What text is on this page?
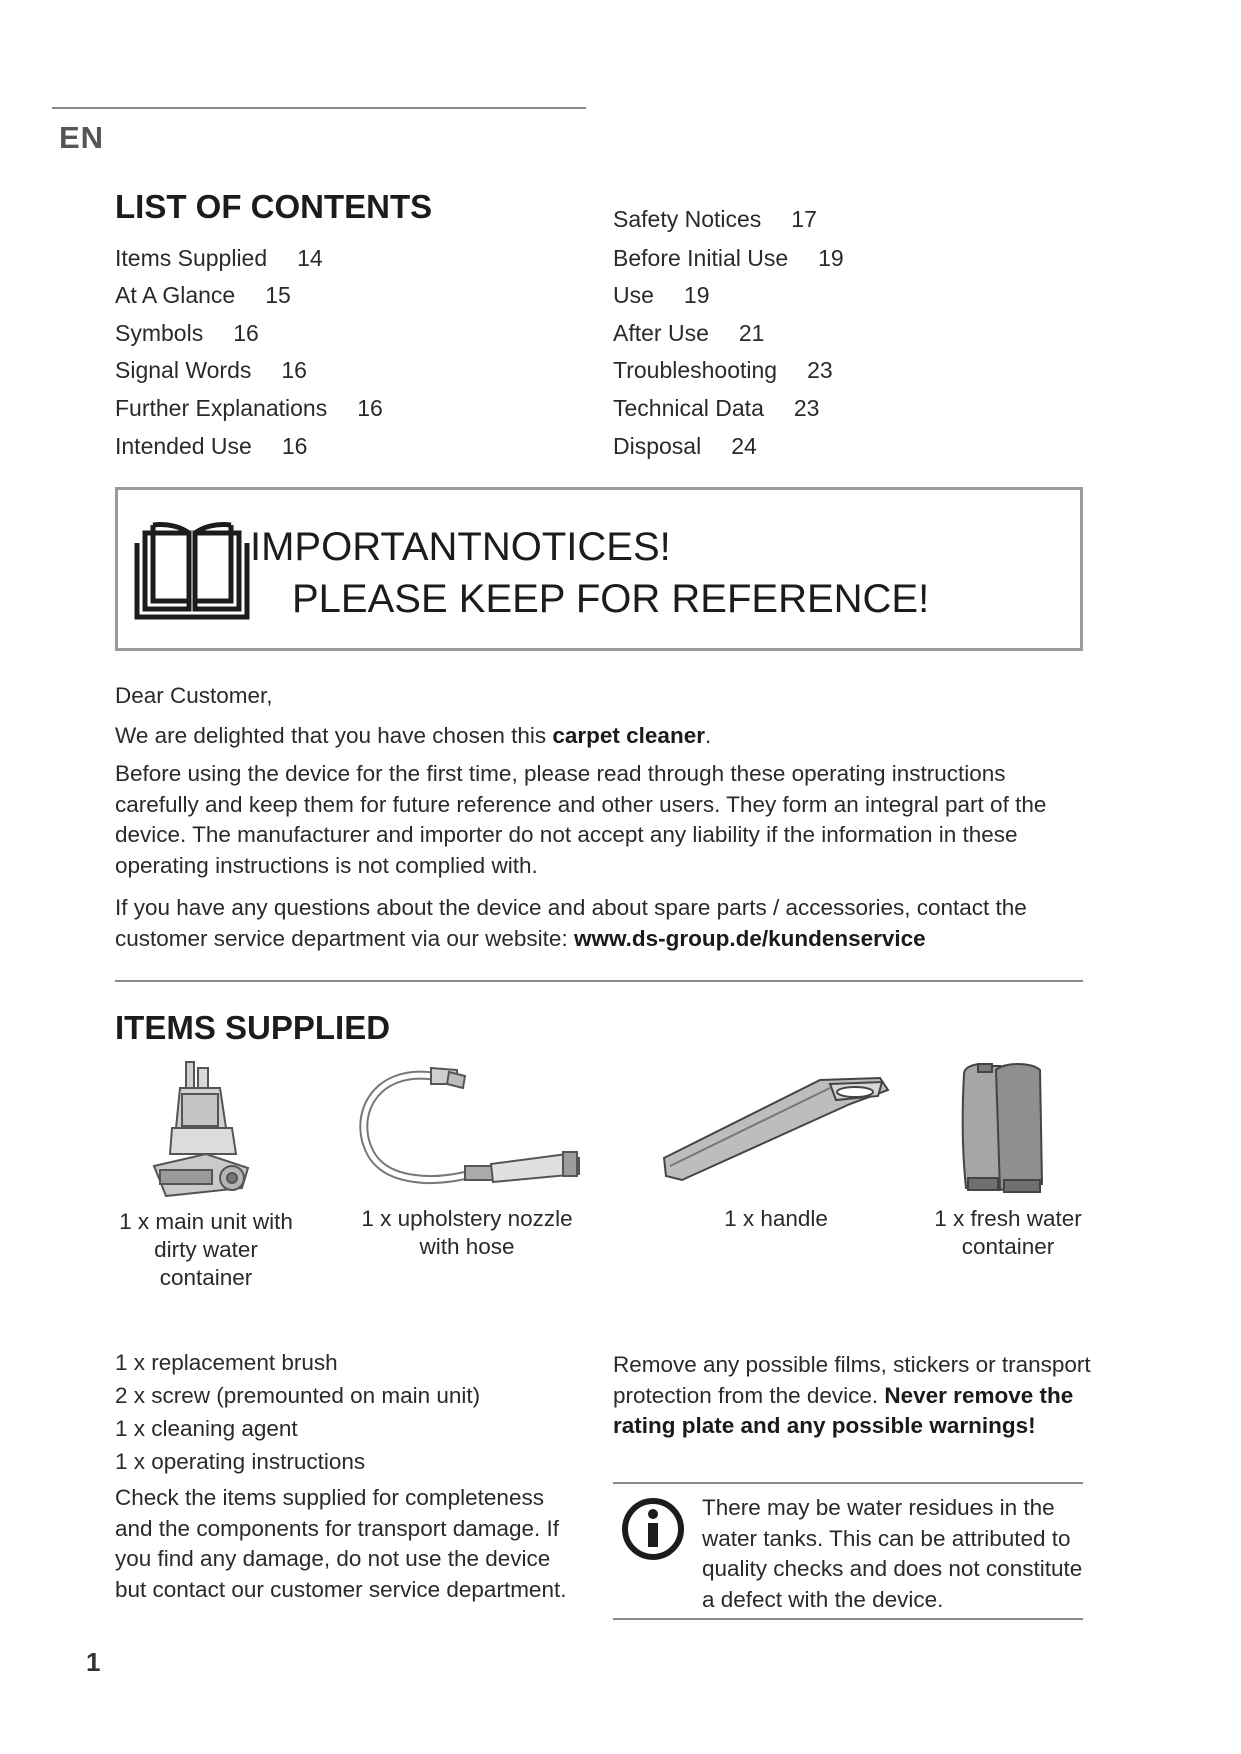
EN
LIST OF CONTENTS
Items Supplied 14
At A Glance 15
Symbols 16
Signal Words 16
Further Explanations 16
Intended Use 16
Safety Notices 17
Before Initial Use 19
Use 19
After Use 21
Troubleshooting 23
Technical Data 23
Disposal 24
IMPORTANTNOTICES!
PLEASE KEEP FOR REFERENCE!
Dear Customer,
We are delighted that you have chosen this carpet cleaner.
Before using the device for the first time, please read through these operating instructions carefully and keep them for future reference and other users. They form an integral part of the device. The manufacturer and importer do not accept any liability if the information in these operating instructions is not complied with.
If you have any questions about the device and about spare parts / accessories, contact the customer service department via our website: www.ds-group.de/kundenservice
ITEMS SUPPLIED
1 x main unit with dirty water container
1 x upholstery nozzle with hose
1 x handle	1 x fresh water container
1 x replacement brush
2 x screw (premounted on main unit)
1 x cleaning agent
1 x operating instructions
Check the items supplied for completeness and the components for transport damage. If you find any damage, do not use the device but contact our customer service department.
Remove any possible films, stickers or transport protection from the device. Never remove the rating plate and any possible warnings!
There may be water residues in the water tanks. This can be attributed to quality checks and does not constitute a defect with the device.
1
